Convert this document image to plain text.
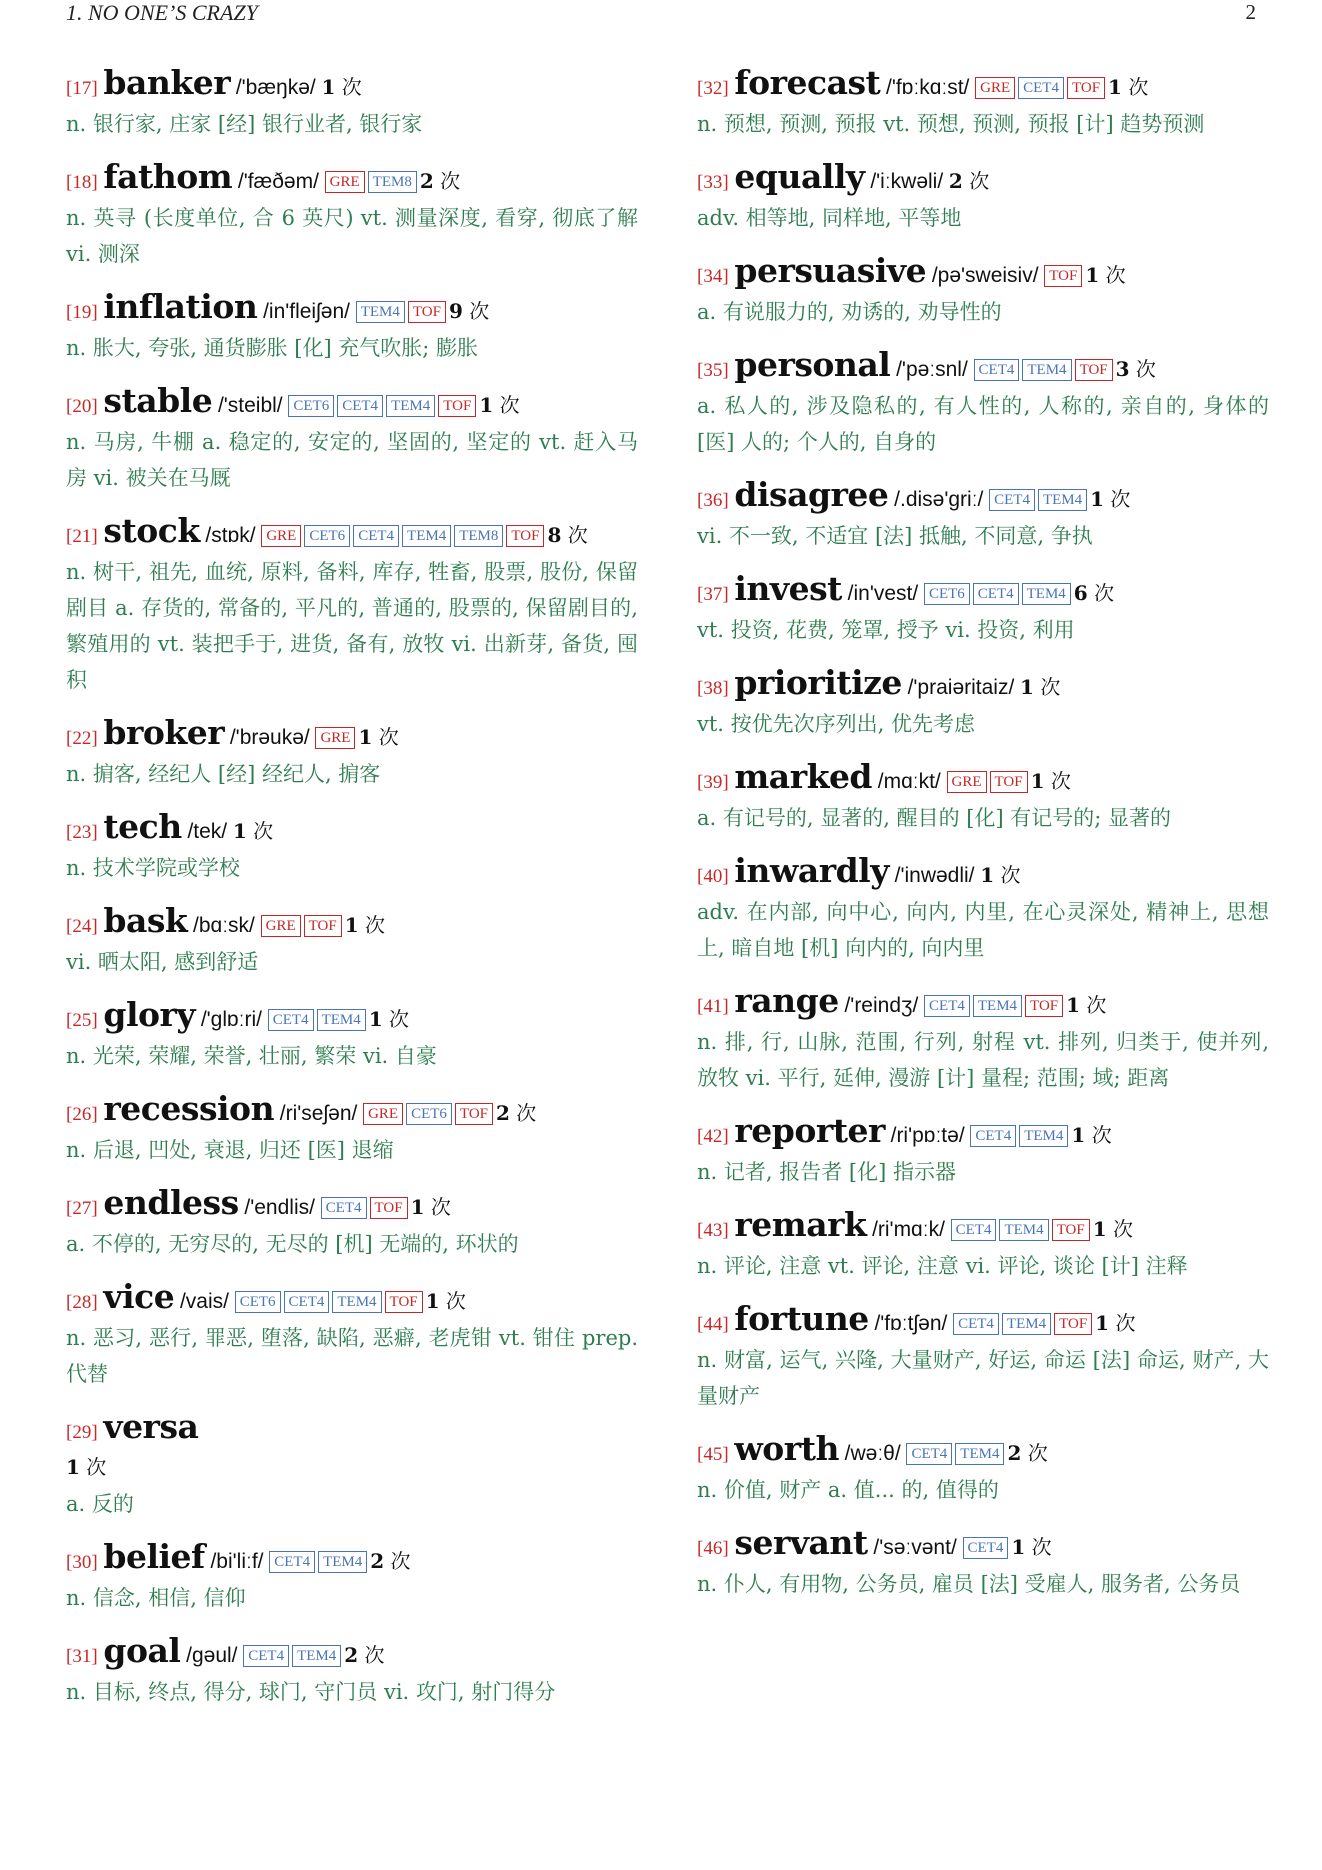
1. NO ONE’S CRAZY	2
[17] banker /'bæŋkə/ 1 次
n. 银行家, 庄家 [经] 银行业者, 银行家
[18] fathom /'fæðəm/ GRE TEM8 2 次
n. 英寻 (长度单位, 合 6 英尺) vt. 测量深度, 看穿, 彻底了解 vi. 测深
[19] inflation /in'fleiʃən/ TEM4 TOF 9 次
n. 胀大, 夸张, 通货膨胀 [化] 充气吹胀; 膨胀
[20] stable /'steibl/ CET6 CET4 TEM4 TOF 1 次
n. 马房, 牛棚 a. 稳定的, 安定的, 坚固的, 坚定的 vt. 赶入马房 vi. 被关在马厩
[21] stock /stɒk/ GRE CET6 CET4 TEM4 TEM8 TOF 8 次
n. 树干, 祖先, 血统, 原料, 备料, 库存, 牲畜, 股票, 股份, 保留剧目 a. 存货的, 常备的, 平凡的, 普通的, 股票的, 保留剧目的, 繁殖用的 vt. 装把手于, 进货, 备有, 放牧 vi. 出新芽, 备货, 囤积
[22] broker /'brəukə/ GRE 1 次
n. 掮客, 经纪人 [经] 经纪人, 掮客
[23] tech /tek/ 1 次
n. 技术学院或学校
[24] bask /bɑːsk/ GRE TOF 1 次
vi. 晒太阳, 感到舒适
[25] glory /'glɒːri/ CET4 TEM4 1 次
n. 光荣, 荣耀, 荣誉, 壮丽, 繁荣 vi. 自豪
[26] recession /ri'seʃən/ GRE CET6 TOF 2 次
n. 后退, 凹处, 衰退, 归还 [医] 退缩
[27] endless /'endlis/ CET4 TOF 1 次
a. 不停的, 无穷尽的, 无尽的 [机] 无端的, 环状的
[28] vice /vais/ CET6 CET4 TEM4 TOF 1 次
n. 恶习, 恶行, 罪恶, 堕落, 缺陷, 恶癖, 老虎钳 vt. 钳住 prep. 代替
[29] versa
1 次
a. 反的
[30] belief /bi'liːf/ CET4 TEM4 2 次
n. 信念, 相信, 信仰
[31] goal /gəul/ CET4 TEM4 2 次
n. 目标, 终点, 得分, 球门, 守门员 vi. 攻门, 射门得分
[32] forecast /'fɒːkɑːst/ GRE CET4 TOF 1 次
n. 预想, 预测, 预报 vt. 预想, 预测, 预报 [计] 趋势预测
[33] equally /'iːkwəli/ 2 次
adv. 相等地, 同样地, 平等地
[34] persuasive /pə'sweisiv/ TOF 1 次
a. 有说服力的, 劝诱的, 劝导性的
[35] personal /'pəːsnl/ CET4 TEM4 TOF 3 次
a. 私人的, 涉及隐私的, 有人性的, 人称的, 亲自的, 身体的 [医] 人的; 个人的, 自身的
[36] disagree /.disə'griː/ CET4 TEM4 1 次
vi. 不一致, 不适宜 [法] 抵触, 不同意, 争执
[37] invest /in'vest/ CET6 CET4 TEM4 6 次
vt. 投资, 花费, 笼罩, 授予 vi. 投资, 利用
[38] prioritize /'praiəritaiz/ 1 次
vt. 按优先次序列出, 优先考虑
[39] marked /mɑːkt/ GRE TOF 1 次
a. 有记号的, 显著的, 醒目的 [化] 有记号的; 显著的
[40] inwardly /'inwədli/ 1 次
adv. 在内部, 向中心, 向内, 内里, 在心灵深处, 精神上, 思想上, 暗自地 [机] 向内的, 向内里
[41] range /'reindʒ/ CET4 TEM4 TOF 1 次
n. 排, 行, 山脉, 范围, 行列, 射程 vt. 排列, 归类于, 使并列, 放牧 vi. 平行, 延伸, 漫游 [计] 量程; 范围; 域; 距离
[42] reporter /ri'pɒːtə/ CET4 TEM4 1 次
n. 记者, 报告者 [化] 指示器
[43] remark /ri'mɑːk/ CET4 TEM4 TOF 1 次
n. 评论, 注意 vt. 评论, 注意 vi. 评论, 谈论 [计] 注释
[44] fortune /'fɒːtʃən/ CET4 TEM4 TOF 1 次
n. 财富, 运气, 兴隆, 大量财产, 好运, 命运 [法] 命运, 财产, 大量财产
[45] worth /wəːθ/ CET4 TEM4 2 次
n. 价值, 财产 a. 值... 的, 值得的
[46] servant /'səːvənt/ CET4 1 次
n. 仆人, 有用物, 公务员, 雇员 [法] 受雇人, 服务者, 公务员
